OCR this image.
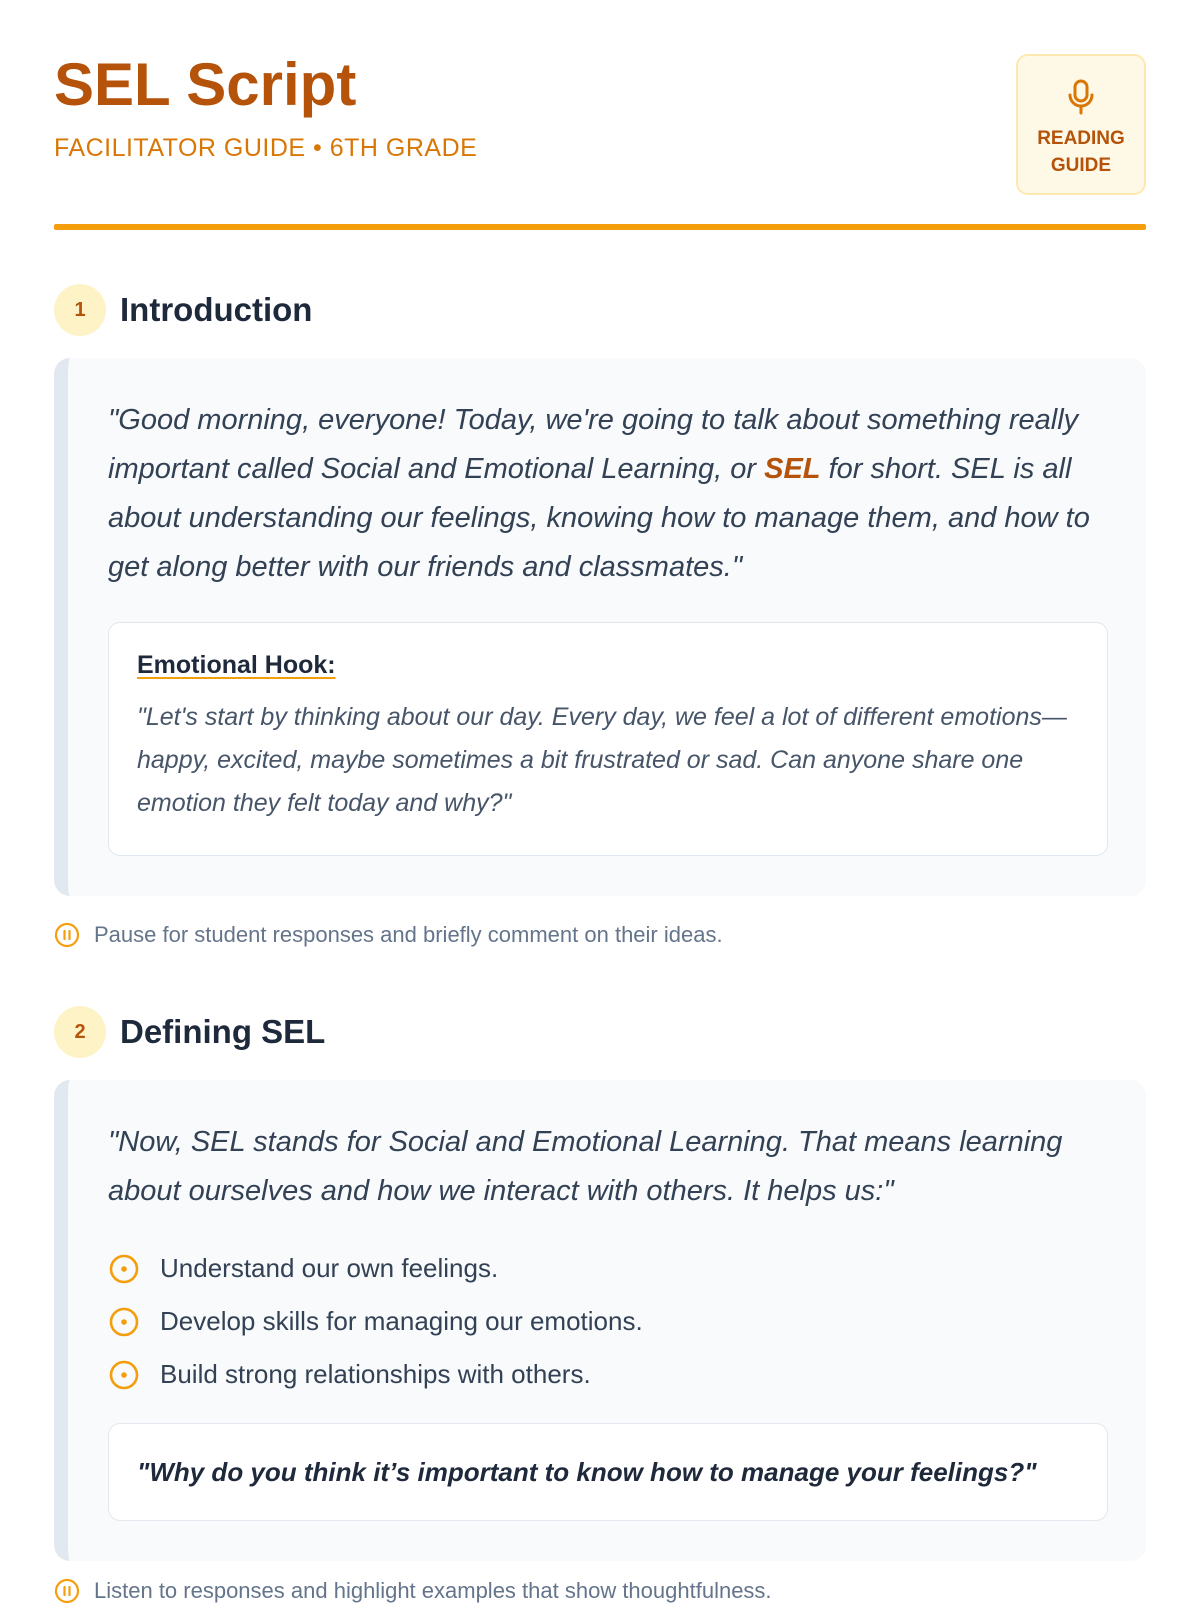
SEL Script
FACILITATOR GUIDE • 6TH GRADE	READING
GUIDE
1	Introduction

"Good morning, everyone! Today, we're going to talk about something really important called Social and Emotional Learning, or SEL for short. SEL is all about understanding our feelings, knowing how to manage them, and how to get along better with our friends and classmates."

Emotional Hook:

"Let's start by thinking about our day. Every day, we feel a lot of different emotions—happy, excited, maybe sometimes a bit frustrated or sad. Can anyone share one emotion they felt today and why?"

Pause for student responses and briefly comment on their ideas.
2	Defining SEL

"Now, SEL stands for Social and Emotional Learning. That means learning about ourselves and how we interact with others. It helps us:"

Understand our own feelings.
Develop skills for managing our emotions.
Build strong relationships with others.

"Why do you think it’s important to know how to manage your feelings?"

Listen to responses and highlight examples that show thoughtfulness.
